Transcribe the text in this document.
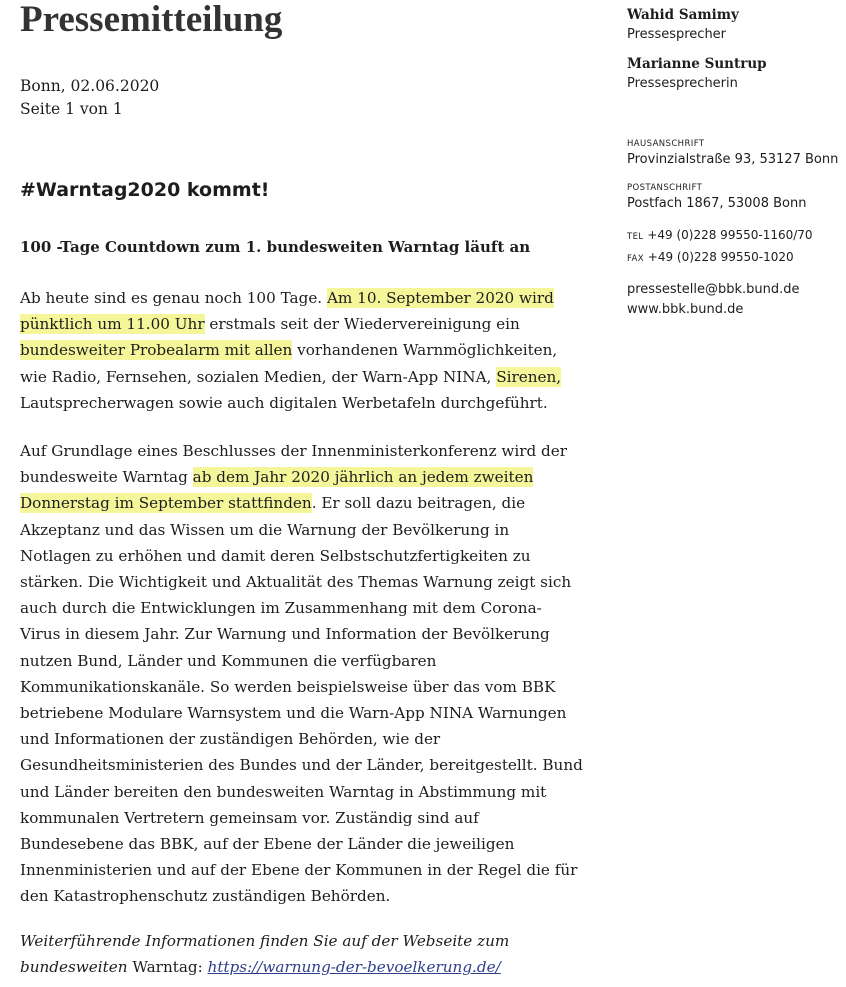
Pressemitteilung
Bonn, 02.06.2020
Seite 1 von 1
#Warntag2020 kommt!
100 -Tage Countdown zum 1. bundesweiten Warntag läuft an

Ab heute sind es genau noch 100 Tage. Am 10. September 2020 wird
pünktlich um 11.00 Uhr erstmals seit der Wiedervereinigung ein
bundesweiter Probealarm mit allen vorhandenen Warnmöglichkeiten,
wie Radio, Fernsehen, sozialen Medien, der Warn-App NINA, Sirenen,
Lautsprecherwagen sowie auch digitalen Werbetafeln durchgeführt.

Auf Grundlage eines Beschlusses der Innenministerkonferenz wird der
bundesweite Warntag ab dem Jahr 2020 jährlich an jedem zweiten
Donnerstag im September stattfinden. Er soll dazu beitragen, die
Akzeptanz und das Wissen um die Warnung der Bevölkerung in
Notlagen zu erhöhen und damit deren Selbstschutzfertigkeiten zu
stärken. Die Wichtigkeit und Aktualität des Themas Warnung zeigt sich
auch durch die Entwicklungen im Zusammenhang mit dem Corona-
Virus in diesem Jahr. Zur Warnung und Information der Bevölkerung
nutzen Bund, Länder und Kommunen die verfügbaren
Kommunikationskanäle. So werden beispielsweise über das vom BBK
betriebene Modulare Warnsystem und die Warn-App NINA Warnungen
und Informationen der zuständigen Behörden, wie der
Gesundheitsministerien des Bundes und der Länder, bereitgestellt. Bund
und Länder bereiten den bundesweiten Warntag in Abstimmung mit
kommunalen Vertretern gemeinsam vor. Zuständig sind auf
Bundesebene das BBK, auf der Ebene der Länder die jeweiligen
Innenministerien und auf der Ebene der Kommunen in der Regel die für
den Katastrophenschutz zuständigen Behörden.

Weiterführende Informationen finden Sie auf der Webseite zum
bundesweiten Warntag: https://warnung-der-bevoelkerung.de/

Wahid Samimy
Pressesprecher
Marianne Suntrup
Pressesprecherin
HAUSANSCHRIFT
Provinzialstraße 93, 53127 Bonn
POSTANSCHRIFT
Postfach 1867, 53008 Bonn
TEL +49 (0)228 99550-1160/70
FAX +49 (0)228 99550-1020
pressestelle@bbk.bund.de
www.bbk.bund.de
